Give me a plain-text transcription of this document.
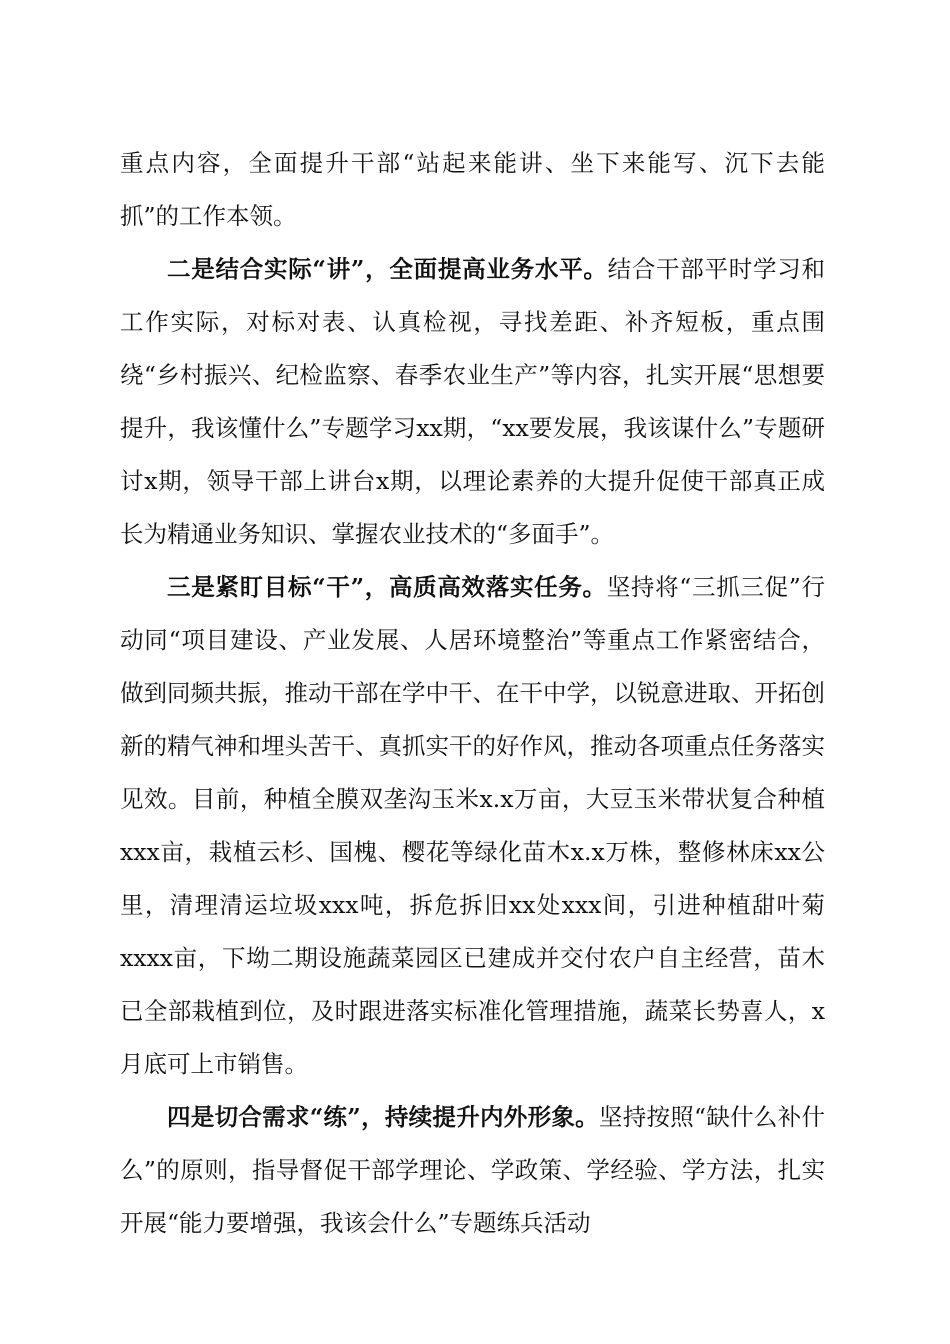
重点内容，全面提升干部“站起来能讲、坐下来能写、沉下去能抓”的工作本领。

二是结合实际“讲”，全面提高业务水平。结合干部平时学习和工作实际，对标对表、认真检视，寻找差距、补齐短板，重点围绕“乡村振兴、纪检监察、春季农业生产”等内容，扎实开展“思想要提升，我该懂什么”专题学习xx期，“xx要发展，我该谋什么”专题研讨x期，领导干部上讲台x期，以理论素养的大提升促使干部真正成长为精通业务知识、掌握农业技术的“多面手”。

三是紧盯目标“干”，高质高效落实任务。坚持将“三抓三促”行动同“项目建设、产业发展、人居环境整治”等重点工作紧密结合，做到同频共振，推动干部在学中干、在干中学，以锐意进取、开拓创新的精气神和埋头苦干、真抓实干的好作风，推动各项重点任务落实见效。目前，种植全膜双垄沟玉米x.x万亩，大豆玉米带状复合种植xxx亩，栽植云杉、国槐、樱花等绿化苗木x.x万株，整修林床xx公里，清理清运垃圾xxx吨，拆危拆旧xx处xxx间，引进种植甜叶菊xxxx亩，下坳二期设施蔬菜园区已建成并交付农户自主经营，苗木已全部栽植到位，及时跟进落实标准化管理措施，蔬菜长势喜人，x月底可上市销售。

四是切合需求“练”，持续提升内外形象。坚持按照“缺什么补什么”的原则，指导督促干部学理论、学政策、学经验、学方法，扎实开展“能力要增强，我该会什么”专题练兵活动
